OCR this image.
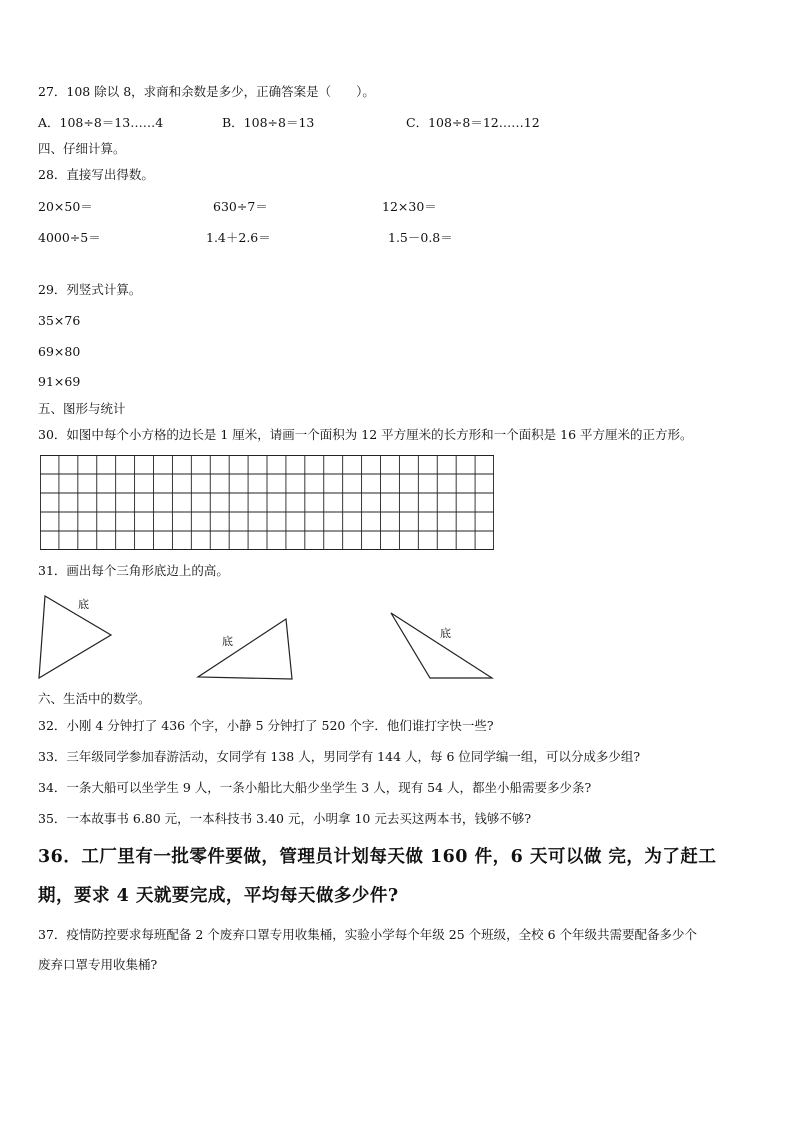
27．108 除以 8，求商和余数是多少，正确答案是（　　）。
A．108÷8＝13……4	B．108÷8＝13	C．108÷8＝12……12
四、仔细计算。
28．直接写出得数。
20×50＝	630÷7＝	12×30＝
4000÷5＝	1.4＋2.6＝	1.5－0.8＝
29．列竖式计算。
35×76
69×80
91×69
五、图形与统计
30．如图中每个小方格的边长是 1 厘米，请画一个面积为 12 平方厘米的长方形和一个面积是 16 平方厘米的正方形。
31．画出每个三角形底边上的高。
底
底
底
六、生活中的数学。
32．小刚 4 分钟打了 436 个字，小静 5 分钟打了 520 个字．他们谁打字快一些?
33．三年级同学参加春游活动，女同学有 138 人，男同学有 144 人，每 6 位同学编一组，可以分成多少组?
34．一条大船可以坐学生 9 人，一条小船比大船少坐学生 3 人，现有 54 人，都坐小船需要多少条?
35．一本故事书 6.80 元，一本科技书 3.40 元，小明拿 10 元去买这两本书，钱够不够?
36．工厂里有一批零件要做，管理员计划每天做 160 件，6 天可以做 完，为了赶工
期，要求 4 天就要完成，平均每天做多少件?
37．疫情防控要求每班配备 2 个废弃口罩专用收集桶，实验小学每个年级 25 个班级，全校 6 个年级共需要配备多少个
废弃口罩专用收集桶?
